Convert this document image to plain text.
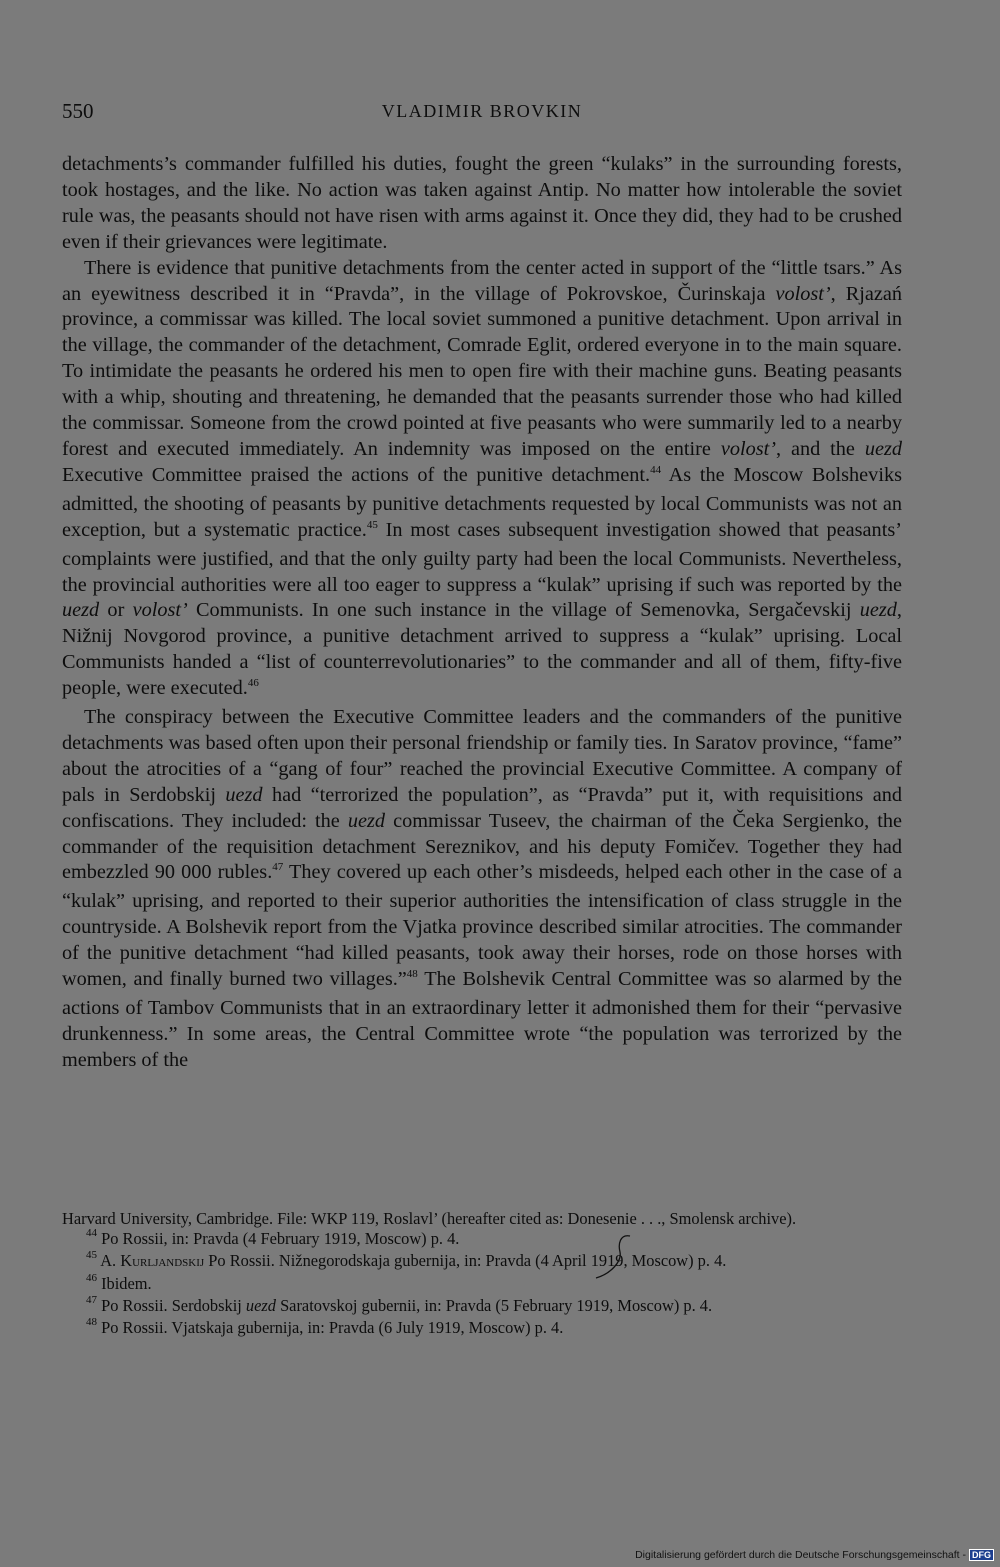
550	VLADIMIR BROVKIN

detachments’s commander fulfilled his duties, fought the green “kulaks” in the surrounding forests, took hostages, and the like. No action was taken against Antip. No matter how intolerable the soviet rule was, the peasants should not have risen with arms against it. Once they did, they had to be crushed even if their grievances were legitimate.

There is evidence that punitive detachments from the center acted in support of the “little tsars.” As an eyewitness described it in “Pravda”, in the village of Pokrovskoe, Čurinskaja volost’, Rjazań province, a commissar was killed. The local soviet summoned a punitive detachment. Upon arrival in the village, the commander of the detachment, Comrade Eglit, ordered everyone in to the main square. To intimidate the peasants he ordered his men to open fire with their machine guns. Beating peasants with a whip, shouting and threatening, he demanded that the peasants surrender those who had killed the commissar. Someone from the crowd pointed at five peasants who were summarily led to a nearby forest and executed immediately. An indemnity was imposed on the entire volost’, and the uezd Executive Committee praised the actions of the punitive detachment.$^{44}$ As the Moscow Bolsheviks admitted, the shooting of peasants by punitive detachments requested by local Communists was not an exception, but a systematic practice.$^{45}$ In most cases subsequent investigation showed that peasants’ complaints were justified, and that the only guilty party had been the local Communists. Nevertheless, the provincial authorities were all too eager to suppress a “kulak” uprising if such was reported by the uezd or volost’ Communists. In one such instance in the village of Semenovka, Sergačevskij uezd, Nižnij Novgorod province, a punitive detachment arrived to suppress a “kulak” uprising. Local Communists handed a “list of counterrevolutionaries” to the commander and all of them, fifty-five people, were executed.$^{46}$

The conspiracy between the Executive Committee leaders and the commanders of the punitive detachments was based often upon their personal friendship or family ties. In Saratov province, “fame” about the atrocities of a “gang of four” reached the provincial Executive Committee. A company of pals in Serdobskij uezd had “terrorized the population”, as “Pravda” put it, with requisitions and confiscations. They included: the uezd commissar Tuseev, the chairman of the Čeka Sergienko, the commander of the requisition detachment Sereznikov, and his deputy Fomičev. Together they had embezzled 90 000 rubles.$^{47}$ They covered up each other’s misdeeds, helped each other in the case of a “kulak” uprising, and reported to their superior authorities the intensification of class struggle in the countryside. A Bolshevik report from the Vjatka province described similar atrocities. The commander of the punitive detachment “had killed peasants, took away their horses, rode on those horses with women, and finally burned two villages.”$^{48}$ The Bolshevik Central Committee was so alarmed by the actions of Tambov Communists that in an extraordinary letter it admonished them for their “pervasive drunkenness.” In some areas, the Central Committee wrote “the population was terrorized by the members of the

Harvard University, Cambridge. File: WKP 119, Roslavl’ (hereafter cited as: Donesenie . . ., Smolensk archive).

$^{44}$ Po Rossii, in: Pravda (4 February 1919, Moscow) p. 4.

$^{45}$ A. Kurljandskij Po Rossii. Nižnegorodskaja gubernija, in: Pravda (4 April 1919, Moscow) p. 4.

$^{46}$ Ibidem.

$^{47}$ Po Rossii. Serdobskij uezd Saratovskoj gubernii, in: Pravda (5 February 1919, Moscow) p. 4.

$^{48}$ Po Rossii. Vjatskaja gubernija, in: Pravda (6 July 1919, Moscow) p. 4.

Digitalisierung gefördert durch die Deutsche Forschungsgemeinschaft - DFG
